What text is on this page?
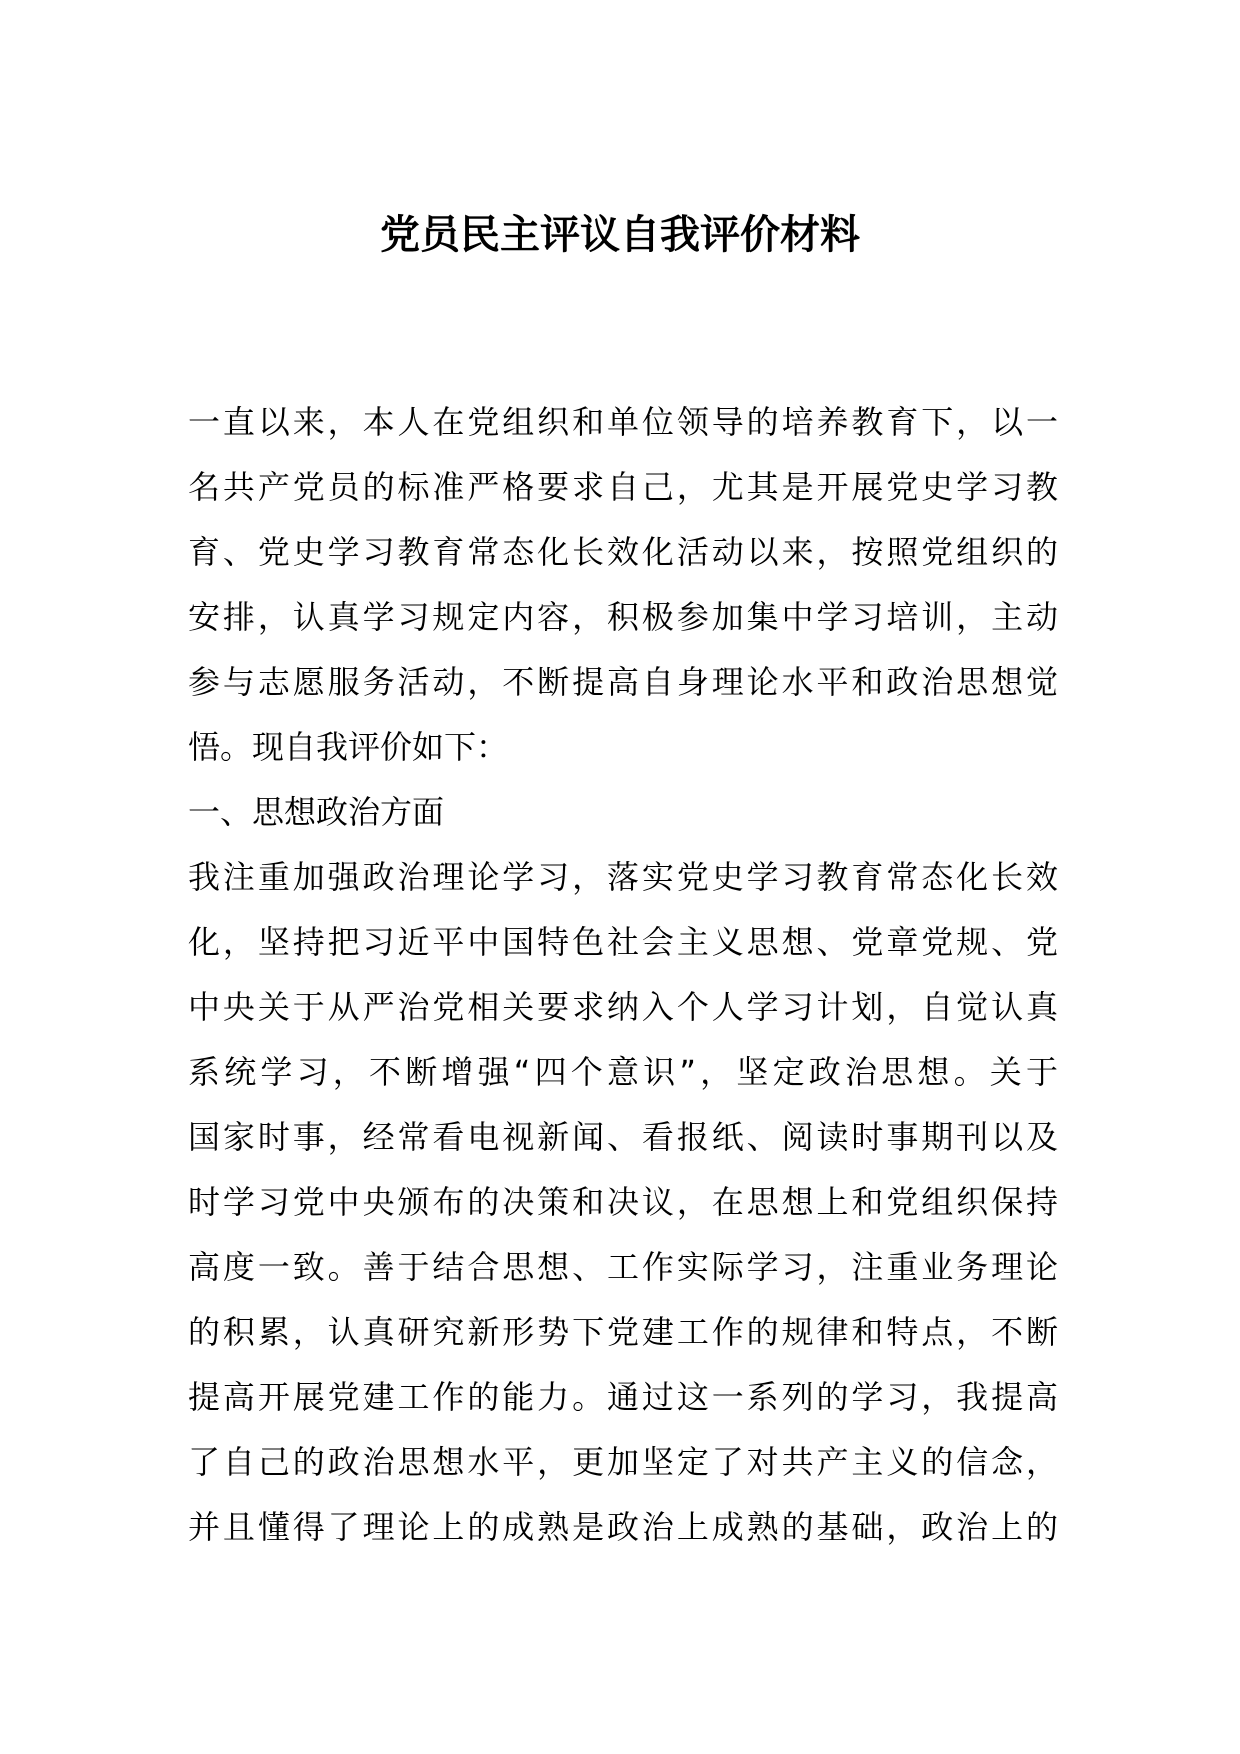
党员民主评议自我评价材料
一直以来，本人在党组织和单位领导的培养教育下，以一
名共产党员的标准严格要求自己，尤其是开展党史学习教
育、党史学习教育常态化长效化活动以来，按照党组织的
安排，认真学习规定内容，积极参加集中学习培训，主动
参与志愿服务活动，不断提高自身理论水平和政治思想觉
悟。现自我评价如下：
一、思想政治方面
我注重加强政治理论学习，落实党史学习教育常态化长效
化，坚持把习近平中国特色社会主义思想、党章党规、党
中央关于从严治党相关要求纳入个人学习计划，自觉认真
系统学习，不断增强“四个意识”，坚定政治思想。关于
国家时事，经常看电视新闻、看报纸、阅读时事期刊以及
时学习党中央颁布的决策和决议，在思想上和党组织保持
高度一致。善于结合思想、工作实际学习，注重业务理论
的积累，认真研究新形势下党建工作的规律和特点，不断
提高开展党建工作的能力。通过这一系列的学习，我提高
了自己的政治思想水平，更加坚定了对共产主义的信念，
并且懂得了理论上的成熟是政治上成熟的基础，政治上的
